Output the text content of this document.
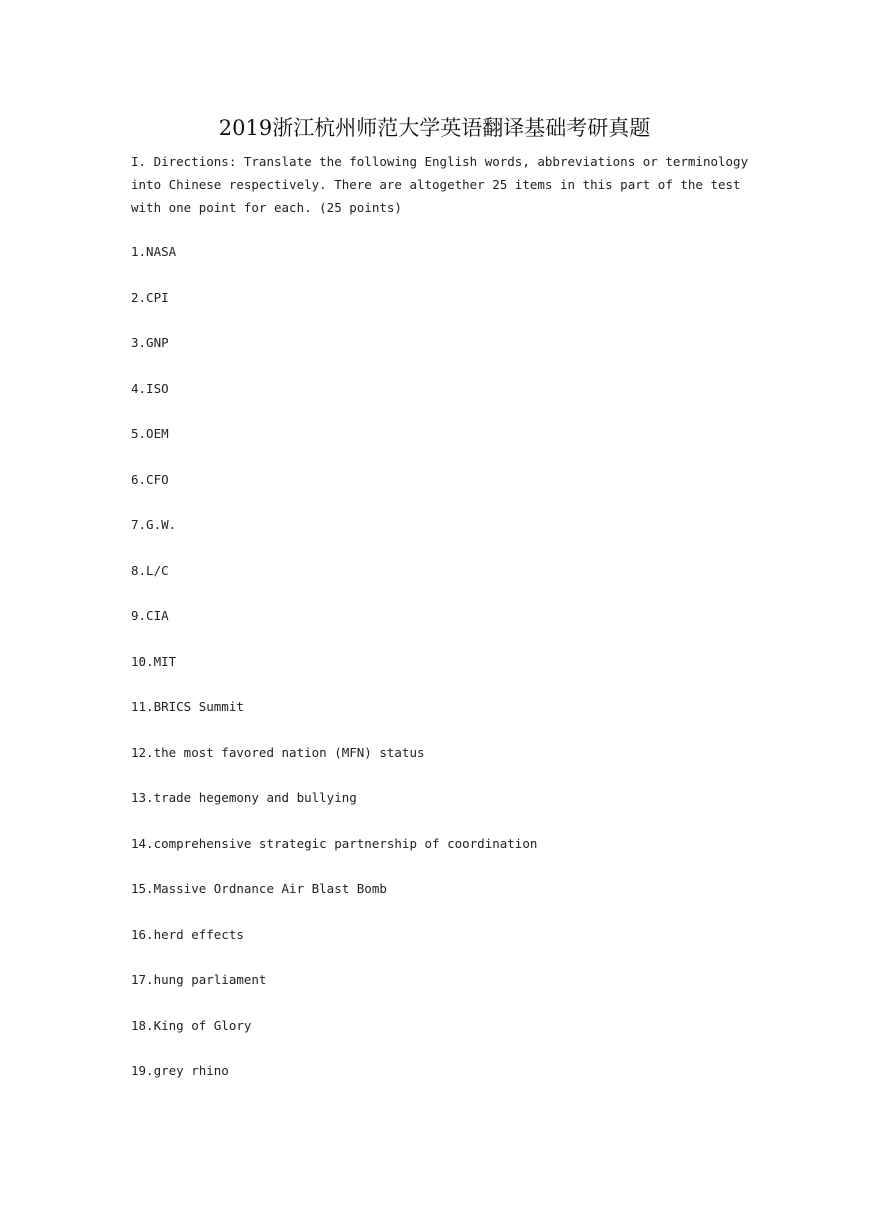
2019浙江杭州师范大学英语翻译基础考研真题
I. Directions: Translate the following English words, abbreviations or terminology
into Chinese respectively. There are altogether 25 items in this part of the test
with one point for each. (25 points)
1.NASA
2.CPI
3.GNP
4.ISO
5.OEM
6.CFO
7.G.W.
8.L/C
9.CIA
10.MIT
11.BRICS Summit
12.the most favored nation (MFN) status
13.trade hegemony and bullying
14.comprehensive strategic partnership of coordination
15.Massive Ordnance Air Blast Bomb
16.herd effects
17.hung parliament
18.King of Glory
19.grey rhino
